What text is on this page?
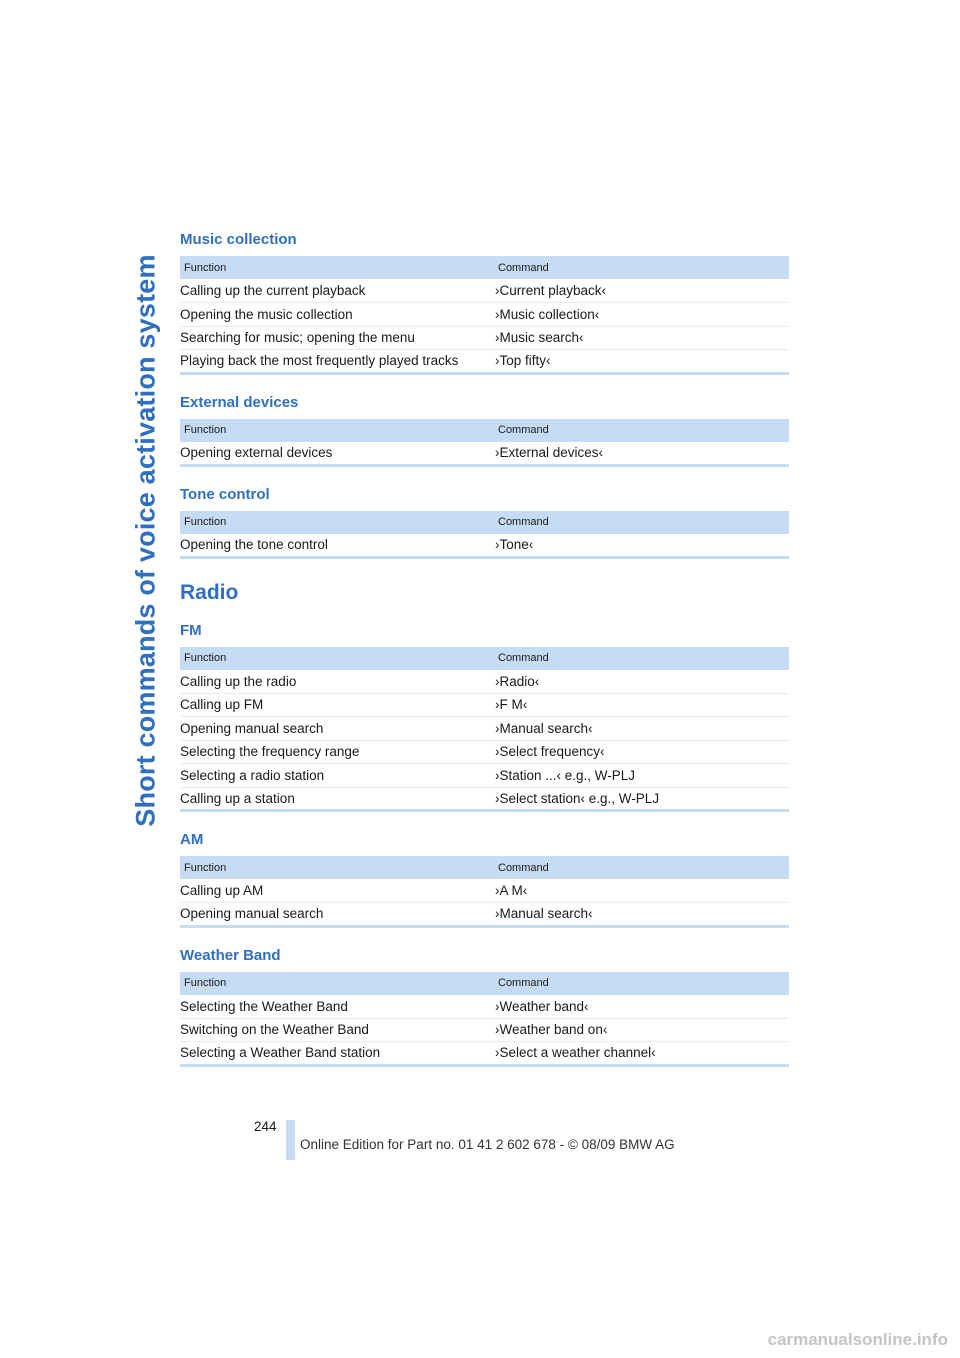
Short commands of voice activation system
Music collection
Function	Command
Calling up the current playback	›Current playback‹
Opening the music collection	›Music collection‹
Searching for music; opening the menu	›Music search‹
Playing back the most frequently played tracks	›Top fifty‹
External devices
Function	Command
Opening external devices	›External devices‹
Tone control
Function	Command
Opening the tone control	›Tone‹
Radio
FM
Function	Command
Calling up the radio	›Radio‹
Calling up FM	›F M‹
Opening manual search	›Manual search‹
Selecting the frequency range	›Select frequency‹
Selecting a radio station	›Station ...‹ e.g., W-PLJ
Calling up a station	›Select station‹ e.g., W-PLJ
AM
Function	Command
Calling up AM	›A M‹
Opening manual search	›Manual search‹
Weather Band
Function	Command
Selecting the Weather Band	›Weather band‹
Switching on the Weather Band	›Weather band on‹
Selecting a Weather Band station	›Select a weather channel‹
244
Online Edition for Part no. 01 41 2 602 678 - © 08/09 BMW AG
carmanualsonline.info
